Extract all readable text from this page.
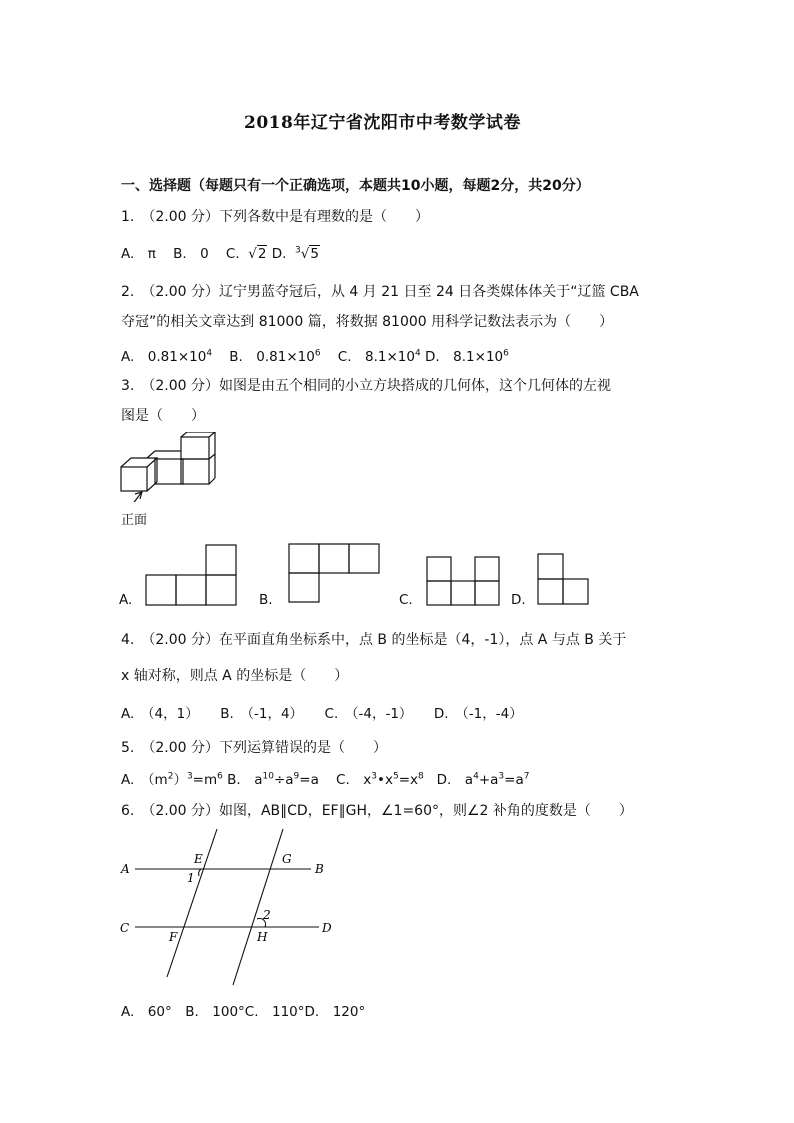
2018年辽宁省沈阳市中考数学试卷
一、选择题（每题只有一个正确选项，本题共10小题，每题2分，共20分）
1.　（2.00 分）下列各数中是有理数的是（　　）
A.　π B.　0 C. √2 D. $^3$√5
2.　（2.00 分）辽宁男蓝夺冠后，从 4 月 21 日至 24 日各类媒体体关于“辽篮 CBA
夺冠”的相关文章达到 81000 篇，将数据 81000 用科学记数法表示为（　　）
A.　$0.81\times 10^4$ B.　$0.81\times 10^6$ C.　$8.1\times 10^4$ D.　$8.1\times 10^6$
3.　（2.00 分）如图是由五个相同的小立方块搭成的几何体，这个几何体的左视
图是（　　）
正面
A.	B.	C.	D.
4.　（2.00 分）在平面直角坐标系中，点 B 的坐标是（4，-1），点 A 与点 B 关于
x 轴对称，则点 A 的坐标是（　　）
A.　（4，1） B.　（-1，4） C.　（-4，-1） D.　（-1，-4）
5.　（2.00 分）下列运算错误的是（　　）
A.　$(m^2)^3=m^6$ B.　$a^{10}\div a^9=a$ C.　$x^3•x^5=x^8$ D.　$a^4+a^3=a^7$
6.　（2.00 分）如图，AB∥CD，EF∥GH，∠1=60°，则∠2 补角的度数是（　　）
A	B
C	D
E
F
G
H
1
2
A.　60°　B.　100°C.　110°D.　120°
